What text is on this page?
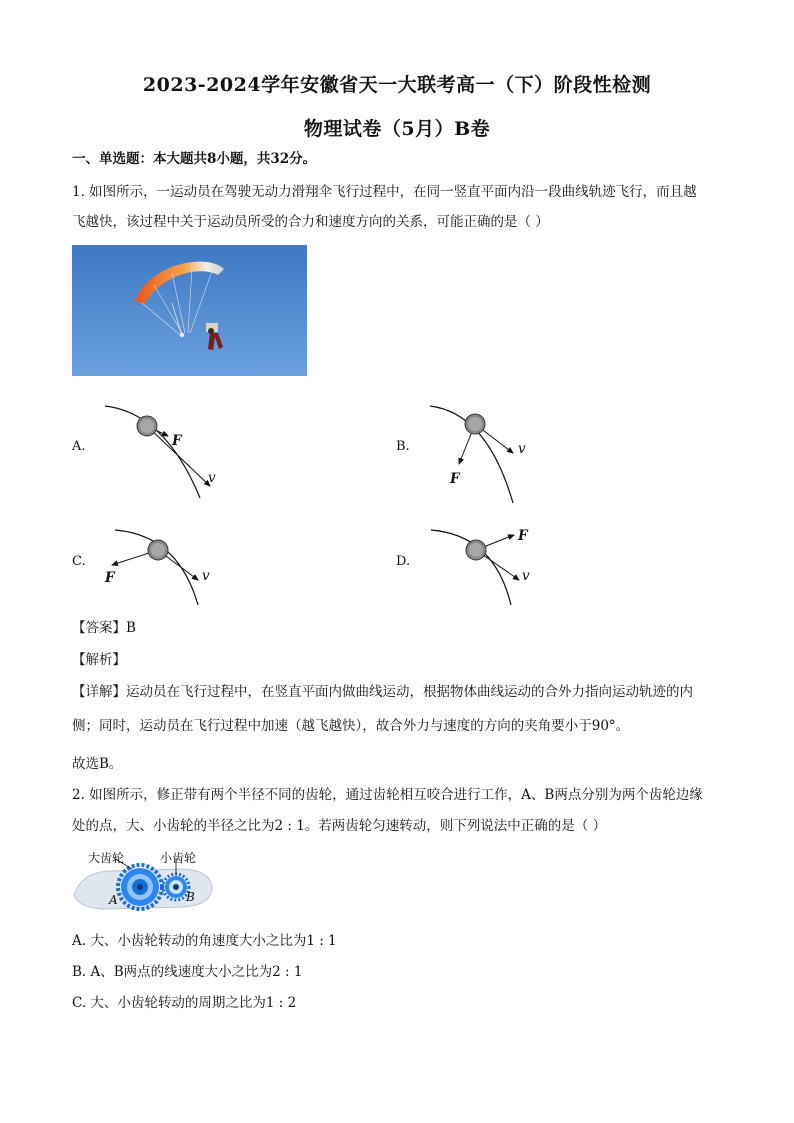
2023-2024学年安徽省天一大联考高一（下）阶段性检测
物理试卷（5月）B卷
一、单选题：本大题共8小题，共32分。
1. 如图所示，一运动员在驾驶无动力滑翔伞飞行过程中，在同一竖直平面内沿一段曲线轨迹飞行，而且越
飞越快，该过程中关于运动员所受的合力和速度方向的关系，可能正确的是（ ）
A.	F
v
B.
F
v
C.
F	v
D.
F
v
【答案】B
【解析】
【详解】运动员在飞行过程中，在竖直平面内做曲线运动，根据物体曲线运动的合外力指向运动轨迹的内
侧；同时，运动员在飞行过程中加速（越飞越快），故合外力与速度的方向的夹角要小于90°。
故选B。
2. 如图所示，修正带有两个半径不同的齿轮，通过齿轮相互咬合进行工作，A、B两点分别为两个齿轮边缘
处的点，大、小齿轮的半径之比为2 : 1。若两齿轮匀速转动，则下列说法中正确的是（ ）
大齿轮	小齿轮
A	B
A. 大、小齿轮转动的角速度大小之比为1 : 1
B. A、B两点的线速度大小之比为2 : 1
C. 大、小齿轮转动的周期之比为1 : 2
